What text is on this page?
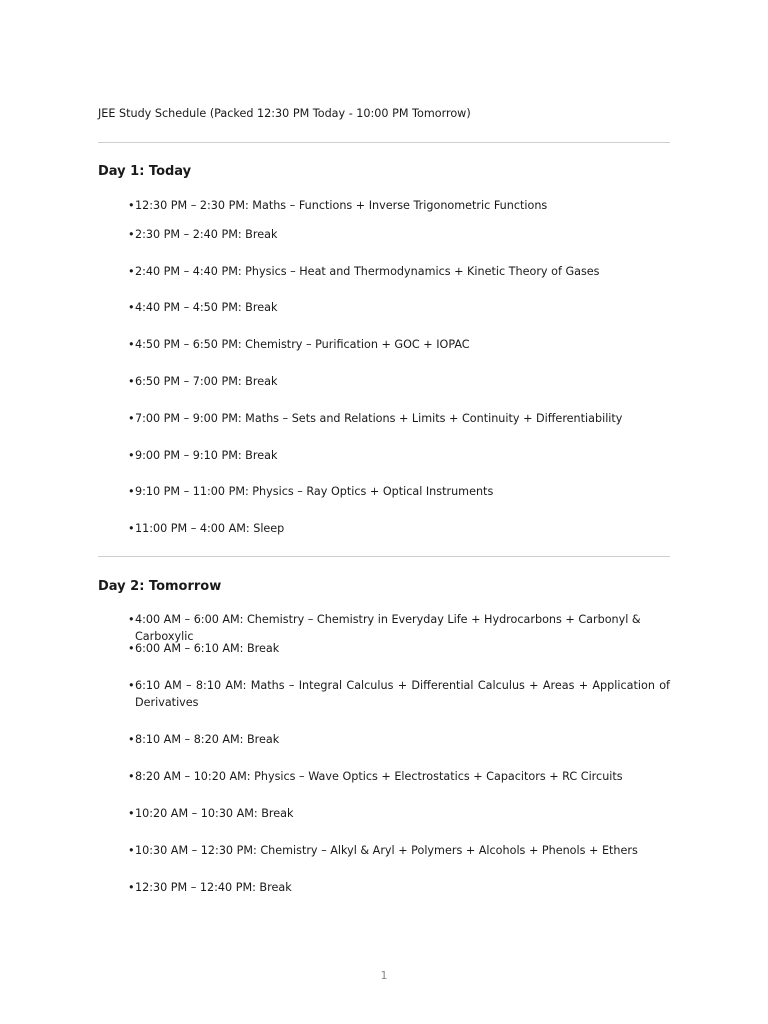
JEE Study Schedule (Packed 12:30 PM Today - 10:00 PM Tomorrow)
Day 1: Today
• 12:30 PM – 2:30 PM: Maths – Functions + Inverse Trigonometric Functions
• 2:30 PM – 2:40 PM: Break
• 2:40 PM – 4:40 PM: Physics – Heat and Thermodynamics + Kinetic Theory of Gases
• 4:40 PM – 4:50 PM: Break
• 4:50 PM – 6:50 PM: Chemistry – Purification + GOC + IOPAC
• 6:50 PM – 7:00 PM: Break
• 7:00 PM – 9:00 PM: Maths – Sets and Relations + Limits + Continuity + Differentiability
• 9:00 PM – 9:10 PM: Break
• 9:10 PM – 11:00 PM: Physics – Ray Optics + Optical Instruments
• 11:00 PM – 4:00 AM: Sleep
Day 2: Tomorrow
• 4:00 AM – 6:00 AM: Chemistry – Chemistry in Everyday Life + Hydrocarbons + Carbonyl & Carboxylic
• 6:00 AM – 6:10 AM: Break
• 6:10 AM – 8:10 AM: Maths – Integral Calculus + Differential Calculus + Areas + Application of Derivatives
• 8:10 AM – 8:20 AM: Break
• 8:20 AM – 10:20 AM: Physics – Wave Optics + Electrostatics + Capacitors + RC Circuits
• 10:20 AM – 10:30 AM: Break
• 10:30 AM – 12:30 PM: Chemistry – Alkyl & Aryl + Polymers + Alcohols + Phenols + Ethers
• 12:30 PM – 12:40 PM: Break
1
